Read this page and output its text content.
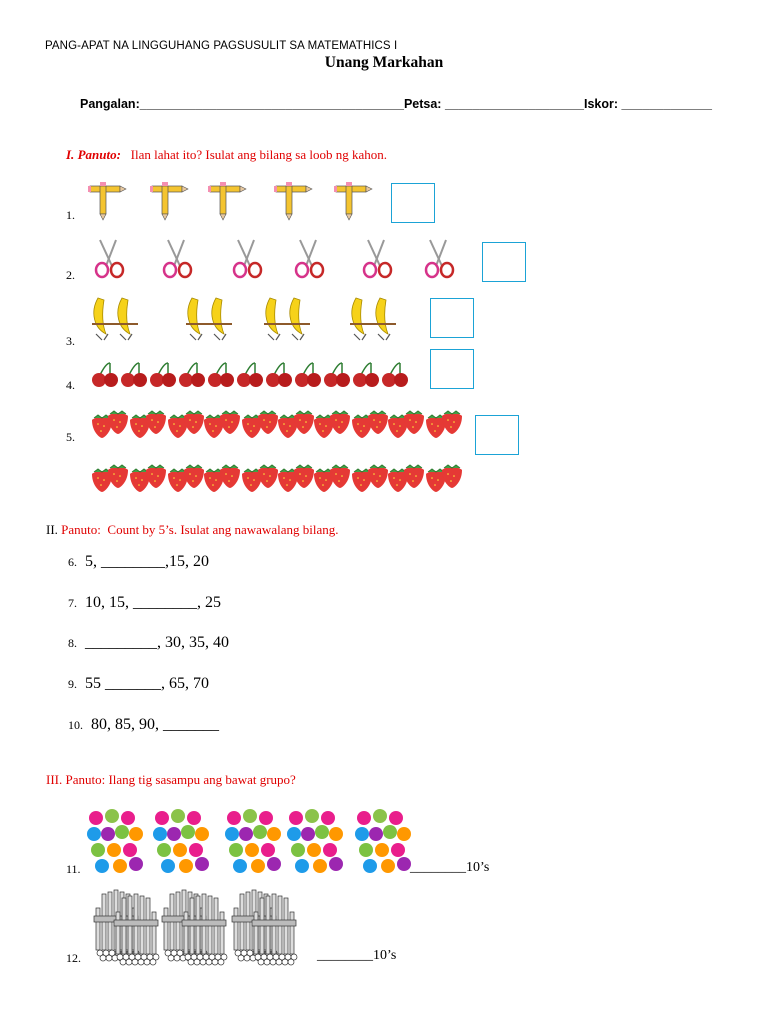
PANG-APAT NA LINGGUHANG PAGSUSULIT SA MATEMATHICS I
Unang Markahan
Pangalan:______________________________________Petsa: ____________________Iskor: _____________
I. Panuto: Ilan lahat ito? Isulat ang bilang sa loob ng kahon.
1.
2.
3.
4.
5.
II. Panuto:  Count by 5’s. Isulat ang nawawalang bilang.
6. 5, ________,15, 20
7. 10, 15, ________, 25
8. _________, 30, 35, 40
9. 55 _______, 65, 70
10. 80, 85, 90, _______
III. Panuto: Ilang tig sasampu ang bawat grupo?
11.	________10’s
12.	________10’s
